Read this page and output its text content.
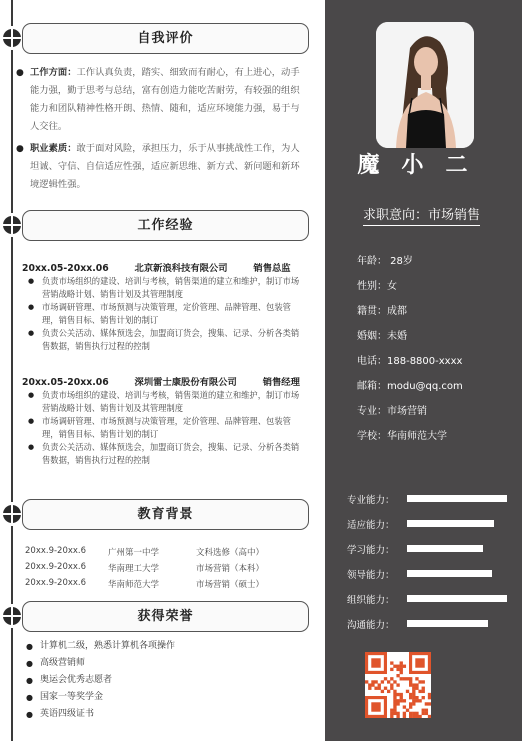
自我评价
● 工作方面：工作认真负责，踏实、细致而有耐心，有上进心，动手能力强，勤于思考与总结，富有创造力能吃苦耐劳，有较强的组织能力和团队精神性格开朗、热情、随和，适应环境能力强，易于与人交往。
● 职业素质：敢于面对风险，承担压力，乐于从事挑战性工作，为人坦诚、守信、自信适应性强，适应新思维、新方式、新问题和新环境逻辑性强。
工作经验
20xx.05-20xx.06        北京新浪科技有限公司        销售总监
● 负责市场组织的建设、培训与考核，销售渠道的建立和维护，制订市场营销战略计划、销售计划及其管理制度
● 市场调研管理、市场预测与决策管理，定价管理、品牌管理、包装管理，销售目标、销售计划的制订
● 负责公关活动、媒体预选会，加盟商订货会，搜集、记录、分析各类销售数据，销售执行过程的控制
20xx.05-20xx.06        深圳雷士康股份有限公司        销售经理
● 负责市场组织的建设、培训与考核，销售渠道的建立和维护，制订市场营销战略计划、销售计划及其管理制度
● 市场调研管理、市场预测与决策管理，定价管理、品牌管理、包装管理，销售目标、销售计划的制订
● 负责公关活动、媒体预选会，加盟商订货会，搜集、记录、分析各类销售数据，销售执行过程的控制
教育背景
20xx.9-20xx.6	广州第一中学	文科选修（高中）
20xx.9-20xx.6	华南理工大学	市场营销（本科）
20xx.9-20xx.6	华南师范大学	市场营销（硕士）
获得荣誉
● 计算机二级，熟悉计算机各项操作
● 高级营销师
● 奥运会优秀志愿者
● 国家一等奖学金
● 英语四级证书
魔小二
求职意向：市场销售
年龄： 28岁
性别：女
籍贯：成都
婚姻：未婚
电话：188-8800-xxxx
邮箱：modu@qq.com
专业：市场营销
学校：华南师范大学
专业能力：
适应能力：
学习能力：
领导能力：
组织能力：
沟通能力：
